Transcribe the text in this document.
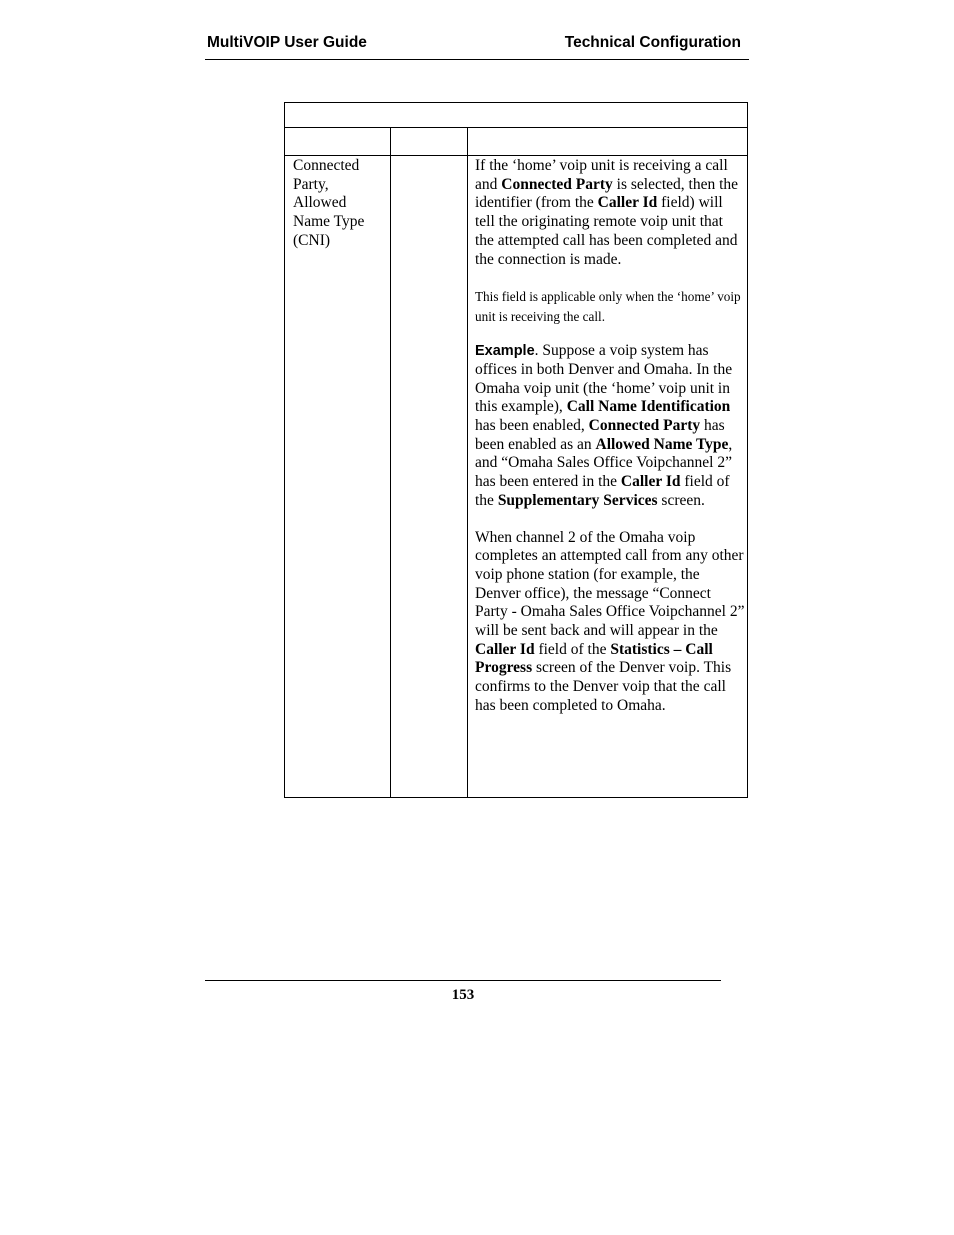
MultiVOIP User Guide	Technical Configuration
Connected
Party,
Allowed
Name Type
(CNI)

If the ‘home’ voip unit is receiving a call and Connected Party is selected, then the identifier (from the Caller Id field) will tell the originating remote voip unit that the attempted call has been completed and the connection is made.

This field is applicable only when the ‘home’ voip unit is receiving the call.

Example. Suppose a voip system has offices in both Denver and Omaha. In the Omaha voip unit (the ‘home’ voip unit in this example), Call Name Identification has been enabled, Connected Party has been enabled as an Allowed Name Type, and “Omaha Sales Office Voipchannel 2” has been entered in the Caller Id field of the Supplementary Services screen.

When channel 2 of the Omaha voip completes an attempted call from any other voip phone station (for example, the Denver office), the message “Connect Party - Omaha Sales Office Voipchannel 2” will be sent back and will appear in the Caller Id field of the Statistics – Call Progress screen of the Denver voip. This confirms to the Denver voip that the call has been completed to Omaha.

153
